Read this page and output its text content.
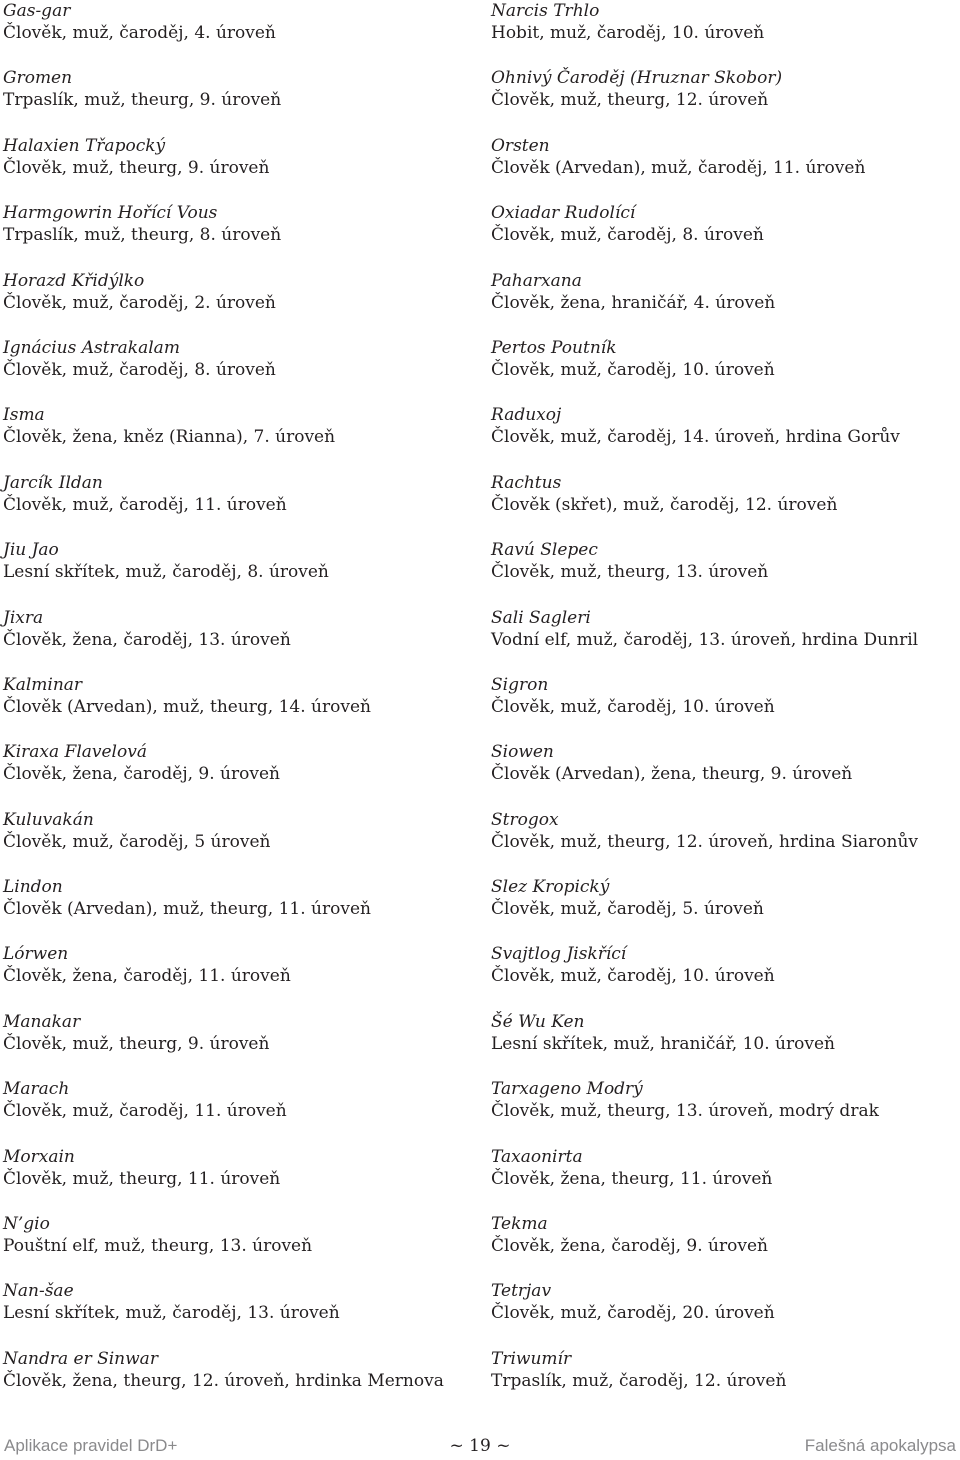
Gas-gar
Člověk, muž, čaroděj, 4. úroveň
Gromen
Trpaslík, muž, theurg, 9. úroveň
Halaxien Třapocký
Člověk, muž, theurg, 9. úroveň
Harmgowrin Hořící Vous
Trpaslík, muž, theurg, 8. úroveň
Horazd Křidýlko
Člověk, muž, čaroděj, 2. úroveň
Ignácius Astrakalam
Člověk, muž, čaroděj, 8. úroveň
Isma
Člověk, žena, kněz (Rianna), 7. úroveň
Jarcík Ildan
Člověk, muž, čaroděj, 11. úroveň
Jiu Jao
Lesní skřítek, muž, čaroděj, 8. úroveň
Jixra
Člověk, žena, čaroděj, 13. úroveň
Kalminar
Člověk (Arvedan), muž, theurg, 14. úroveň
Kiraxa Flavelová
Člověk, žena, čaroděj, 9. úroveň
Kuluvakán
Člověk, muž, čaroděj, 5 úroveň
Lindon
Člověk (Arvedan), muž, theurg, 11. úroveň
Lórwen
Člověk, žena, čaroděj, 11. úroveň
Manakar
Člověk, muž, theurg, 9. úroveň
Marach
Člověk, muž, čaroděj, 11. úroveň
Morxain
Člověk, muž, theurg, 11. úroveň
N’gio
Pouštní elf, muž, theurg, 13. úroveň
Nan-šae
Lesní skřítek, muž, čaroděj, 13. úroveň
Nandra er Sinwar
Člověk, žena, theurg, 12. úroveň, hrdinka Mernova
Narcis Trhlo
Hobit, muž, čaroděj, 10. úroveň
Ohnivý Čaroděj (Hruznar Skobor)
Člověk, muž, theurg, 12. úroveň
Orsten
Člověk (Arvedan), muž, čaroděj, 11. úroveň
Oxiadar Rudolící
Člověk, muž, čaroděj, 8. úroveň
Paharxana
Člověk, žena, hraničář, 4. úroveň
Pertos Poutník
Člověk, muž, čaroděj, 10. úroveň
Raduxoj
Člověk, muž, čaroděj, 14. úroveň, hrdina Gorův
Rachtus
Člověk (skřet), muž, čaroděj, 12. úroveň
Ravú Slepec
Člověk, muž, theurg, 13. úroveň
Sali Sagleri
Vodní elf, muž, čaroděj, 13. úroveň, hrdina Dunril
Sigron
Člověk, muž, čaroděj, 10. úroveň
Siowen
Člověk (Arvedan), žena, theurg, 9. úroveň
Strogox
Člověk, muž, theurg, 12. úroveň, hrdina Siaronův
Slez Kropický
Člověk, muž, čaroděj, 5. úroveň
Svajtlog Jiskřící
Člověk, muž, čaroděj, 10. úroveň
Šé Wu Ken
Lesní skřítek, muž, hraničář, 10. úroveň
Tarxageno Modrý
Člověk, muž, theurg, 13. úroveň, modrý drak
Taxaonirta
Člověk, žena, theurg, 11. úroveň
Tekma
Člověk, žena, čaroděj, 9. úroveň
Tetrjav
Člověk, muž, čaroděj, 20. úroveň
Triwumír
Trpaslík, muž, čaroděj, 12. úroveň
Aplikace pravidel DrD+	~ 19 ~	Falešná apokalypsa
